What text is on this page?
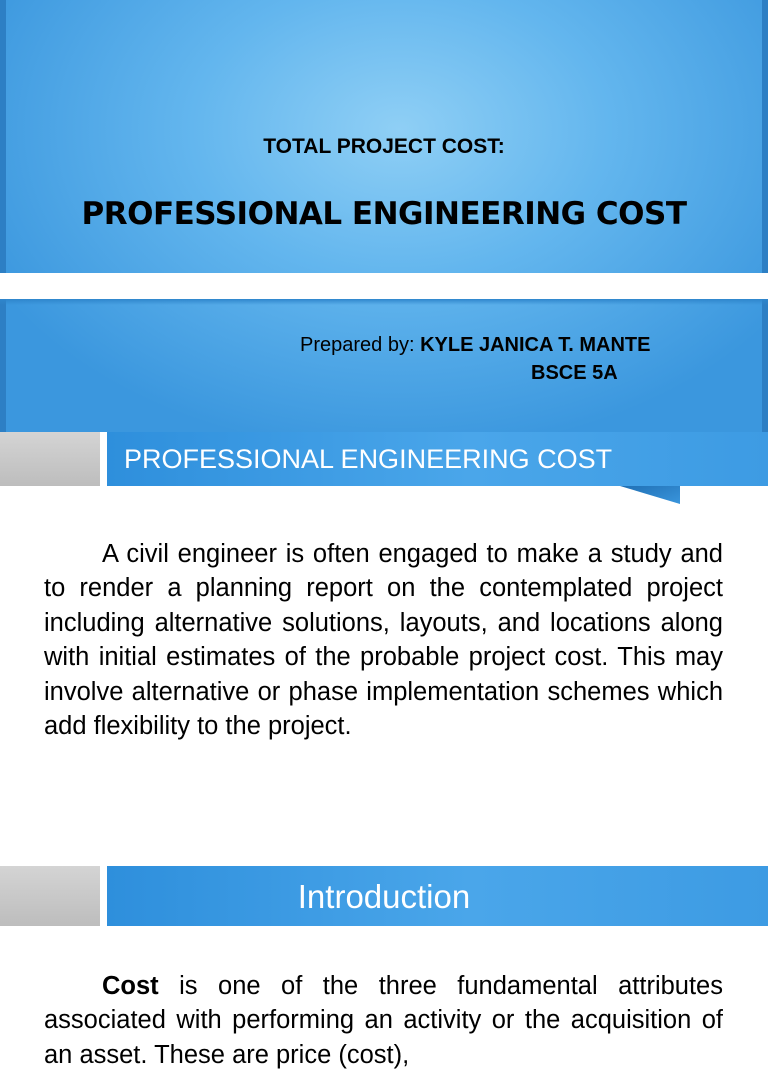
TOTAL PROJECT COST:
PROFESSIONAL ENGINEERING COST
Prepared by: KYLE JANICA T. MANTE
BSCE 5A
PROFESSIONAL ENGINEERING COST

A civil engineer is often engaged to make a study and to render a planning report on the contemplated project including alternative solutions, layouts, and locations along with initial estimates of the probable project cost. This may involve alternative or phase implementation schemes which add flexibility to the project.

Introduction

Cost is one of the three fundamental attributes associated with performing an activity or the acquisition of an asset. These are price (cost),
